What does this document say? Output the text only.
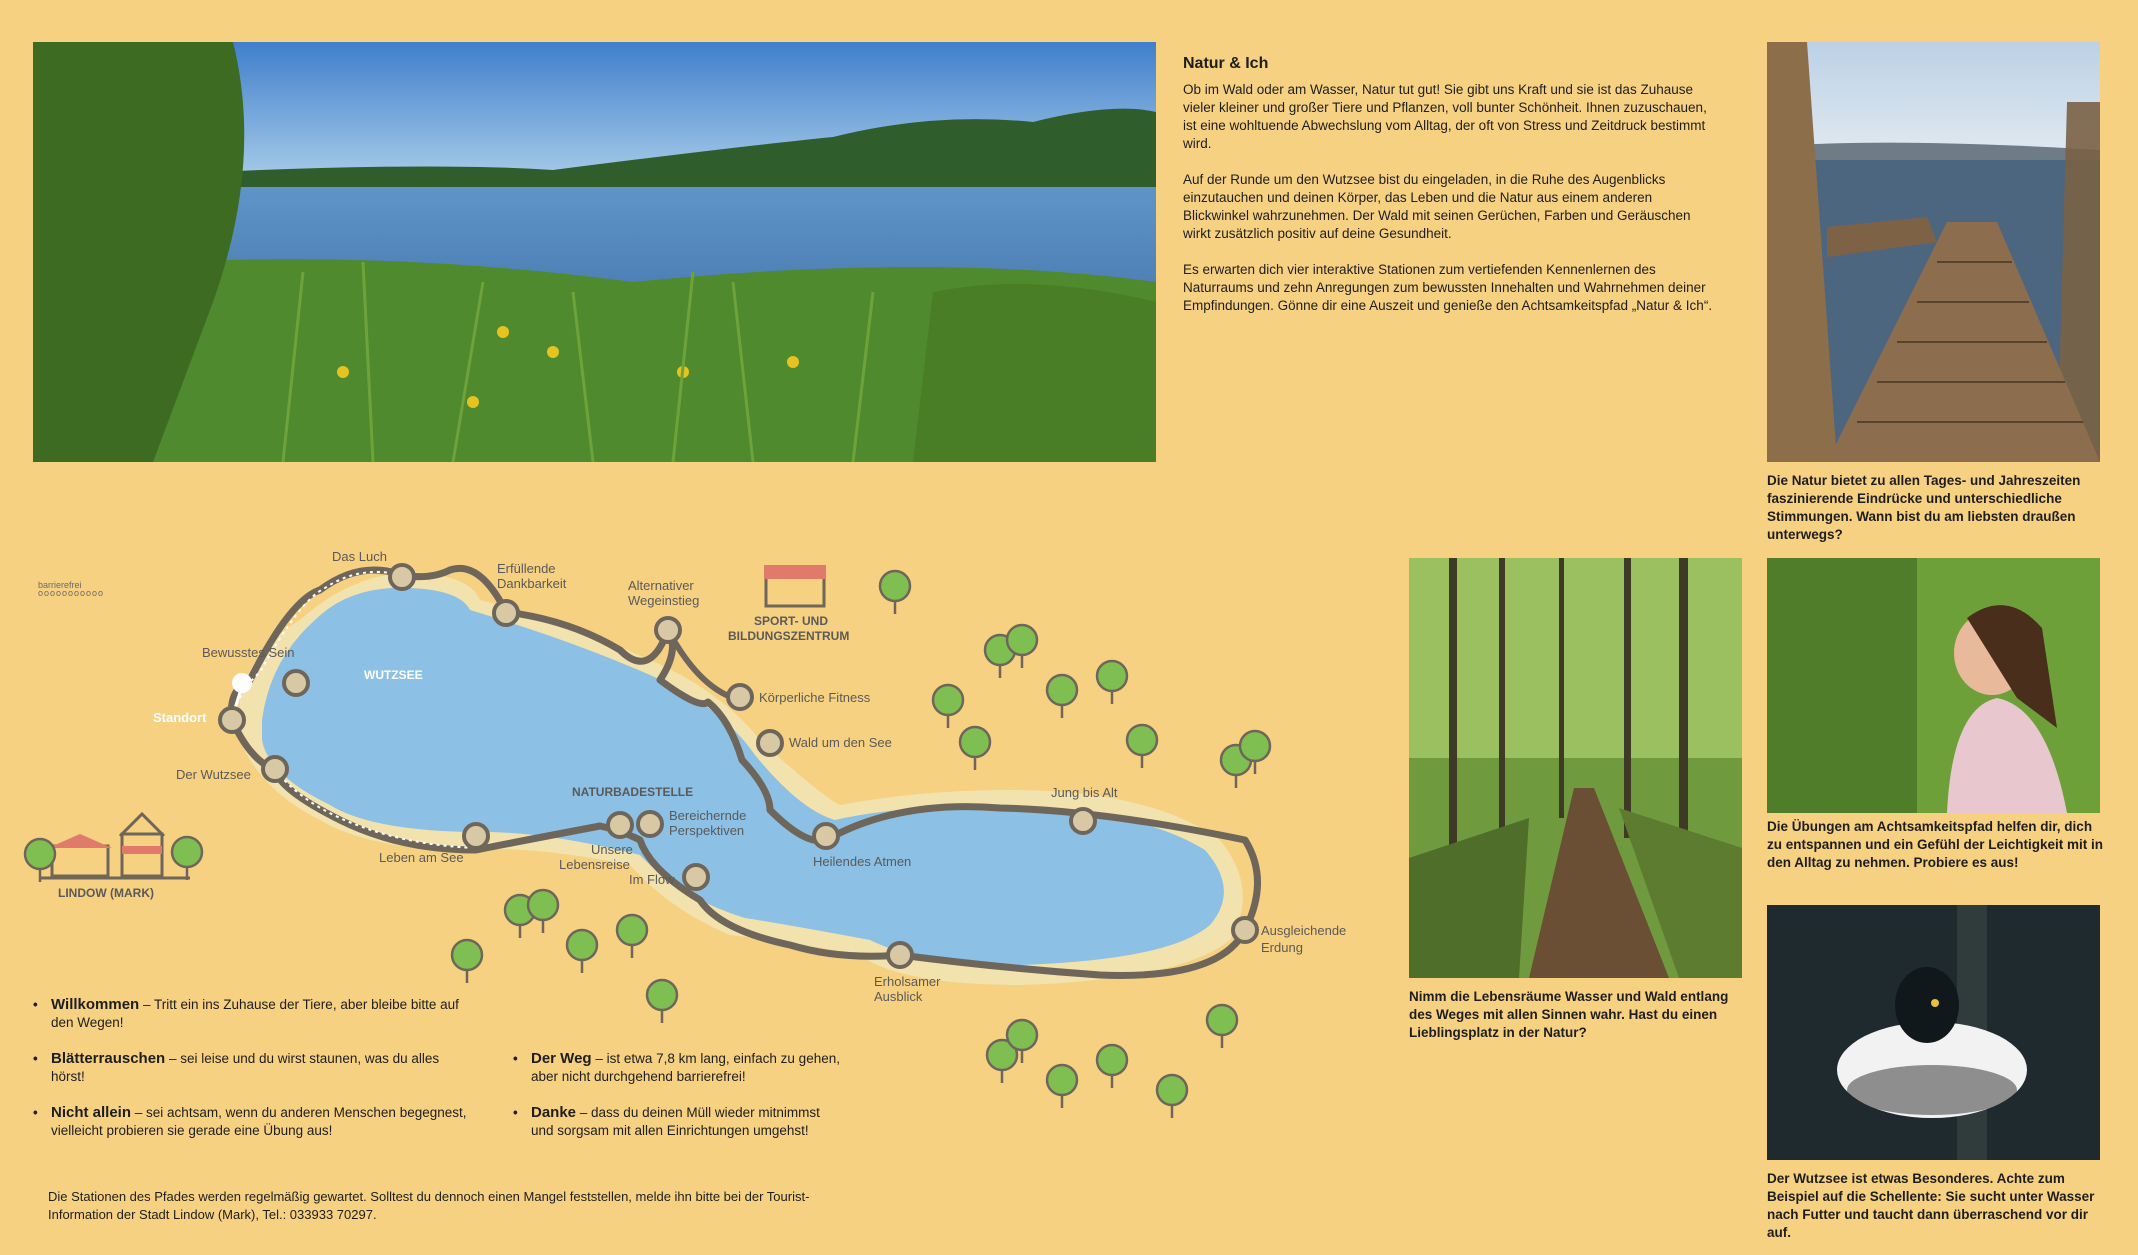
Natur & Ich

Ob im Wald oder am Wasser, Natur tut gut! Sie gibt uns Kraft und sie ist das Zuhause vieler kleiner und großer Tiere und Pflanzen, voll bunter Schönheit. Ihnen zuzuschauen, ist eine wohltuende Abwechslung vom Alltag, der oft von Stress und Zeitdruck bestimmt wird.

Auf der Runde um den Wutzsee bist du eingeladen, in die Ruhe des Augenblicks einzutauchen und deinen Körper, das Leben und die Natur aus einem anderen Blickwinkel wahrzunehmen. Der Wald mit seinen Gerüchen, Farben und Geräuschen wirkt zusätzlich positiv auf deine Gesundheit.

Es erwarten dich vier interaktive Stationen zum vertiefenden Kennenlernen des Naturraums und zehn Anregungen zum bewussten Innehalten und Wahrnehmen deiner Empfindungen. Gönne dir eine Auszeit und genieße den Achtsamkeitspfad „Natur & Ich“.

Die Natur bietet zu allen Tages- und Jahreszeiten faszinierende Eindrücke und unterschiedliche Stimmungen. Wann bist du am liebsten draußen unterwegs?
Nimm die Lebensräume Wasser und Wald entlang des Weges mit allen Sinnen wahr. Hast du einen Lieblingsplatz in der Natur?
Die Übungen am Achtsamkeitspfad helfen dir, dich zu entspannen und ein Gefühl der Leichtigkeit mit in den Alltag zu nehmen. Probiere es aus!
Der Wutzsee ist etwas Besonderes. Achte zum Beispiel auf die Schellente: Sie sucht unter Wasser nach Futter und taucht dann überraschend vor dir auf.
barrierefrei
ooooooooooo
Das Luch
Erfüllende
Dankbarkeit	Alternativer
Wegeinstieg
Bewusstes Sein
Körperliche Fitness
Standort
Wald um den See
Der Wutzsee
Jung bis Alt
Bereichernde
Perspektiven
Unsere
Lebensreise
Leben am See
Im Flow
Heilendes Atmen
Ausgleichende
Erdung
Erholsamer
Ausblick
WUTZSEE
NATURBADESTELLE
SPORT- UND
BILDUNGSZENTRUM
LINDOW (MARK)
• Willkommen – Tritt ein ins Zuhause der Tiere, aber bleibe bitte auf den Wegen!
• Blätterrauschen – sei leise und du wirst staunen, was du alles hörst!
• Nicht allein – sei achtsam, wenn du anderen Menschen begegnest, vielleicht probieren sie gerade eine Übung aus!
• Der Weg – ist etwa 7,8 km lang, einfach zu gehen, aber nicht durchgehend barrierefrei!
• Danke – dass du deinen Müll wieder mitnimmst und sorgsam mit allen Einrichtungen umgehst!
Die Stationen des Pfades werden regelmäßig gewartet. Solltest du dennoch einen Mangel feststellen, melde ihn bitte bei der Tourist-Information der Stadt Lindow (Mark), Tel.: 033933 70297.
